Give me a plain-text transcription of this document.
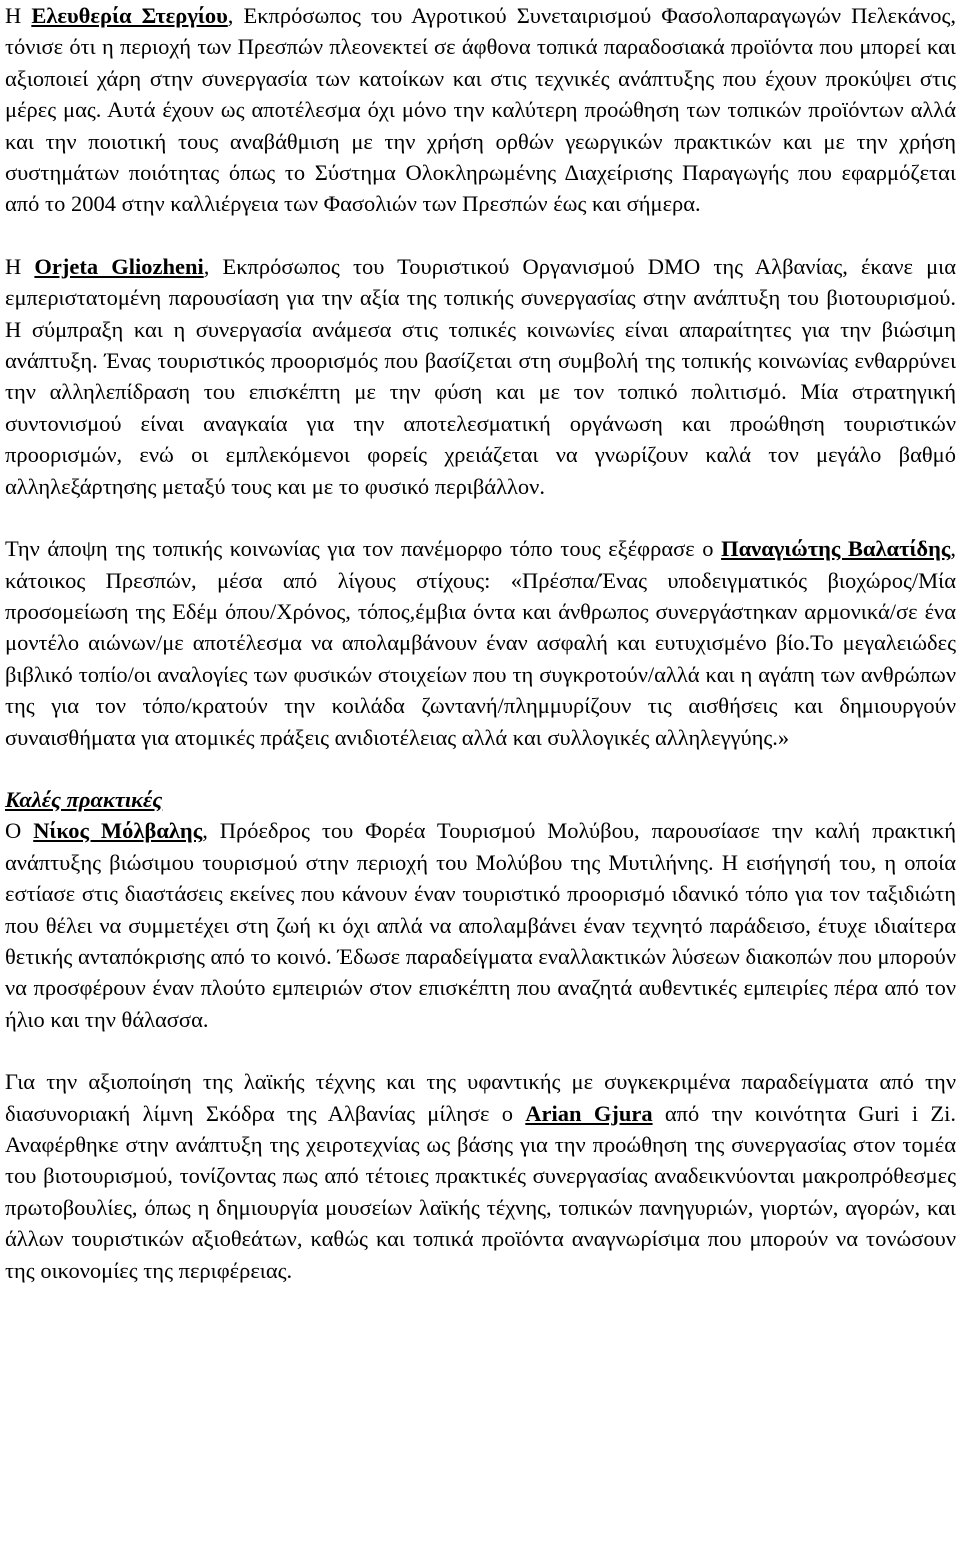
Η Ελευθερία Στεργίου, Εκπρόσωπος του Αγροτικού Συνεταιρισμού Φασολοπαραγωγών Πελεκάνος, τόνισε ότι η περιοχή των Πρεσπών πλεονεκτεί σε άφθονα τοπικά παραδοσιακά προϊόντα που μπορεί και αξιοποιεί χάρη στην συνεργασία των κατοίκων και στις τεχνικές ανάπτυξης που έχουν προκύψει στις μέρες μας. Αυτά έχουν ως αποτέλεσμα όχι μόνο την καλύτερη προώθηση των τοπικών προϊόντων αλλά και την ποιοτική τους αναβάθμιση με την χρήση ορθών γεωργικών πρακτικών και με την χρήση συστημάτων ποιότητας όπως το Σύστημα Ολοκληρωμένης Διαχείρισης Παραγωγής που εφαρμόζεται από το 2004 στην καλλιέργεια των Φασολιών των Πρεσπών έως και σήμερα.

Η Orjeta Gliozheni, Εκπρόσωπος του Τουριστικού Οργανισμού DMO της Αλβανίας, έκανε μια εμπεριστατομένη παρουσίαση για την αξία της τοπικής συνεργασίας στην ανάπτυξη του βιοτουρισμού. Η σύμπραξη και η συνεργασία ανάμεσα στις τοπικές κοινωνίες είναι απαραίτητες για την βιώσιμη ανάπτυξη. Ένας τουριστικός προορισμός που βασίζεται στη συμβολή της τοπικής κοινωνίας ενθαρρύνει την αλληλεπίδραση του επισκέπτη με την φύση και με τον τοπικό πολιτισμό. Μία στρατηγική συντονισμού είναι αναγκαία για την αποτελεσματική οργάνωση και προώθηση τουριστικών προορισμών, ενώ οι εμπλεκόμενοι φορείς χρειάζεται να γνωρίζουν καλά τον μεγάλο βαθμό αλληλεξάρτησης μεταξύ τους και με το φυσικό περιβάλλον.

Την άποψη της τοπικής κοινωνίας για τον πανέμορφο τόπο τους εξέφρασε ο Παναγιώτης Βαλατίδης, κάτοικος Πρεσπών, μέσα από λίγους στίχους: «Πρέσπα/Ένας υποδειγματικός βιοχώρος/Μία προσομείωση της Εδέμ όπου/Χρόνος, τόπος,έμβια όντα και άνθρωπος συνεργάστηκαν αρμονικά/σε ένα μοντέλο αιώνων/με αποτέλεσμα να απολαμβάνουν έναν ασφαλή και ευτυχισμένο βίο.Το μεγαλειώδες βιβλικό τοπίο/οι αναλογίες των φυσικών στοιχείων που τη συγκροτούν/αλλά και η αγάπη των ανθρώπων της για τον τόπο/κρατούν την κοιλάδα ζωντανή/πλημμυρίζουν τις αισθήσεις και δημιουργούν συναισθήματα για ατομικές πράξεις ανιδιοτέλειας αλλά και συλλογικές αλληλεγγύης.»

Καλές πρακτικές

Ο Νίκος Μόλβαλης, Πρόεδρος του Φορέα Τουρισμού Μολύβου, παρουσίασε την καλή πρακτική ανάπτυξης βιώσιμου τουρισμού στην περιοχή του Μολύβου της Μυτιλήνης. Η εισήγησή του, η οποία εστίασε στις διαστάσεις εκείνες που κάνουν έναν τουριστικό προορισμό ιδανικό τόπο για τον ταξιδιώτη που θέλει να συμμετέχει στη ζωή κι όχι απλά να απολαμβάνει έναν τεχνητό παράδεισο, έτυχε ιδιαίτερα θετικής ανταπόκρισης από το κοινό. Έδωσε παραδείγματα εναλλακτικών λύσεων διακοπών που μπορούν να προσφέρουν έναν πλούτο εμπειριών στον επισκέπτη που αναζητά αυθεντικές εμπειρίες πέρα από τον ήλιο και την θάλασσα.

Για την αξιοποίηση της λαϊκής τέχνης και της υφαντικής με συγκεκριμένα παραδείγματα από την διασυνοριακή λίμνη Σκόδρα της Αλβανίας μίλησε ο Arian Gjura από την κοινότητα Guri i Zi. Αναφέρθηκε στην ανάπτυξη της χειροτεχνίας ως βάσης για την προώθηση της συνεργασίας στον τομέα του βιοτουρισμού, τονίζοντας πως από τέτοιες πρακτικές συνεργασίας αναδεικνύονται μακροπρόθεσμες πρωτοβουλίες, όπως η δημιουργία μουσείων λαϊκής τέχνης, τοπικών πανηγυριών, γιορτών, αγορών, και άλλων τουριστικών αξιοθεάτων, καθώς και τοπικά προϊόντα αναγνωρίσιμα που μπορούν να τονώσουν της οικονομίες της περιφέρειας.
